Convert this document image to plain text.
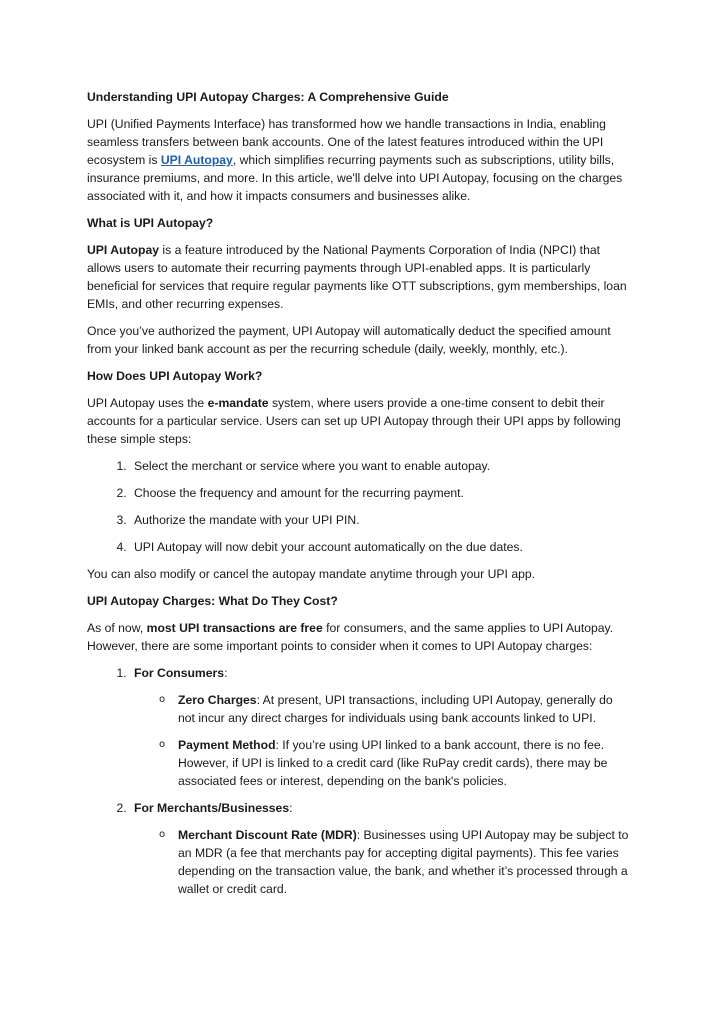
Understanding UPI Autopay Charges: A Comprehensive Guide

UPI (Unified Payments Interface) has transformed how we handle transactions in India, enabling seamless transfers between bank accounts. One of the latest features introduced within the UPI ecosystem is UPI Autopay, which simplifies recurring payments such as subscriptions, utility bills, insurance premiums, and more. In this article, we'll delve into UPI Autopay, focusing on the charges associated with it, and how it impacts consumers and businesses alike.

What is UPI Autopay?

UPI Autopay is a feature introduced by the National Payments Corporation of India (NPCI) that allows users to automate their recurring payments through UPI-enabled apps. It is particularly beneficial for services that require regular payments like OTT subscriptions, gym memberships, loan EMIs, and other recurring expenses.

Once you’ve authorized the payment, UPI Autopay will automatically deduct the specified amount from your linked bank account as per the recurring schedule (daily, weekly, monthly, etc.).

How Does UPI Autopay Work?

UPI Autopay uses the e-mandate system, where users provide a one-time consent to debit their accounts for a particular service. Users can set up UPI Autopay through their UPI apps by following these simple steps:

1. Select the merchant or service where you want to enable autopay.
2. Choose the frequency and amount for the recurring payment.
3. Authorize the mandate with your UPI PIN.
4. UPI Autopay will now debit your account automatically on the due dates.

You can also modify or cancel the autopay mandate anytime through your UPI app.

UPI Autopay Charges: What Do They Cost?

As of now, most UPI transactions are free for consumers, and the same applies to UPI Autopay. However, there are some important points to consider when it comes to UPI Autopay charges:

1. For Consumers:
o Zero Charges: At present, UPI transactions, including UPI Autopay, generally do not incur any direct charges for individuals using bank accounts linked to UPI.
o Payment Method: If you’re using UPI linked to a bank account, there is no fee. However, if UPI is linked to a credit card (like RuPay credit cards), there may be associated fees or interest, depending on the bank's policies.
2. For Merchants/Businesses:
o Merchant Discount Rate (MDR): Businesses using UPI Autopay may be subject to an MDR (a fee that merchants pay for accepting digital payments). This fee varies depending on the transaction value, the bank, and whether it’s processed through a wallet or credit card.
